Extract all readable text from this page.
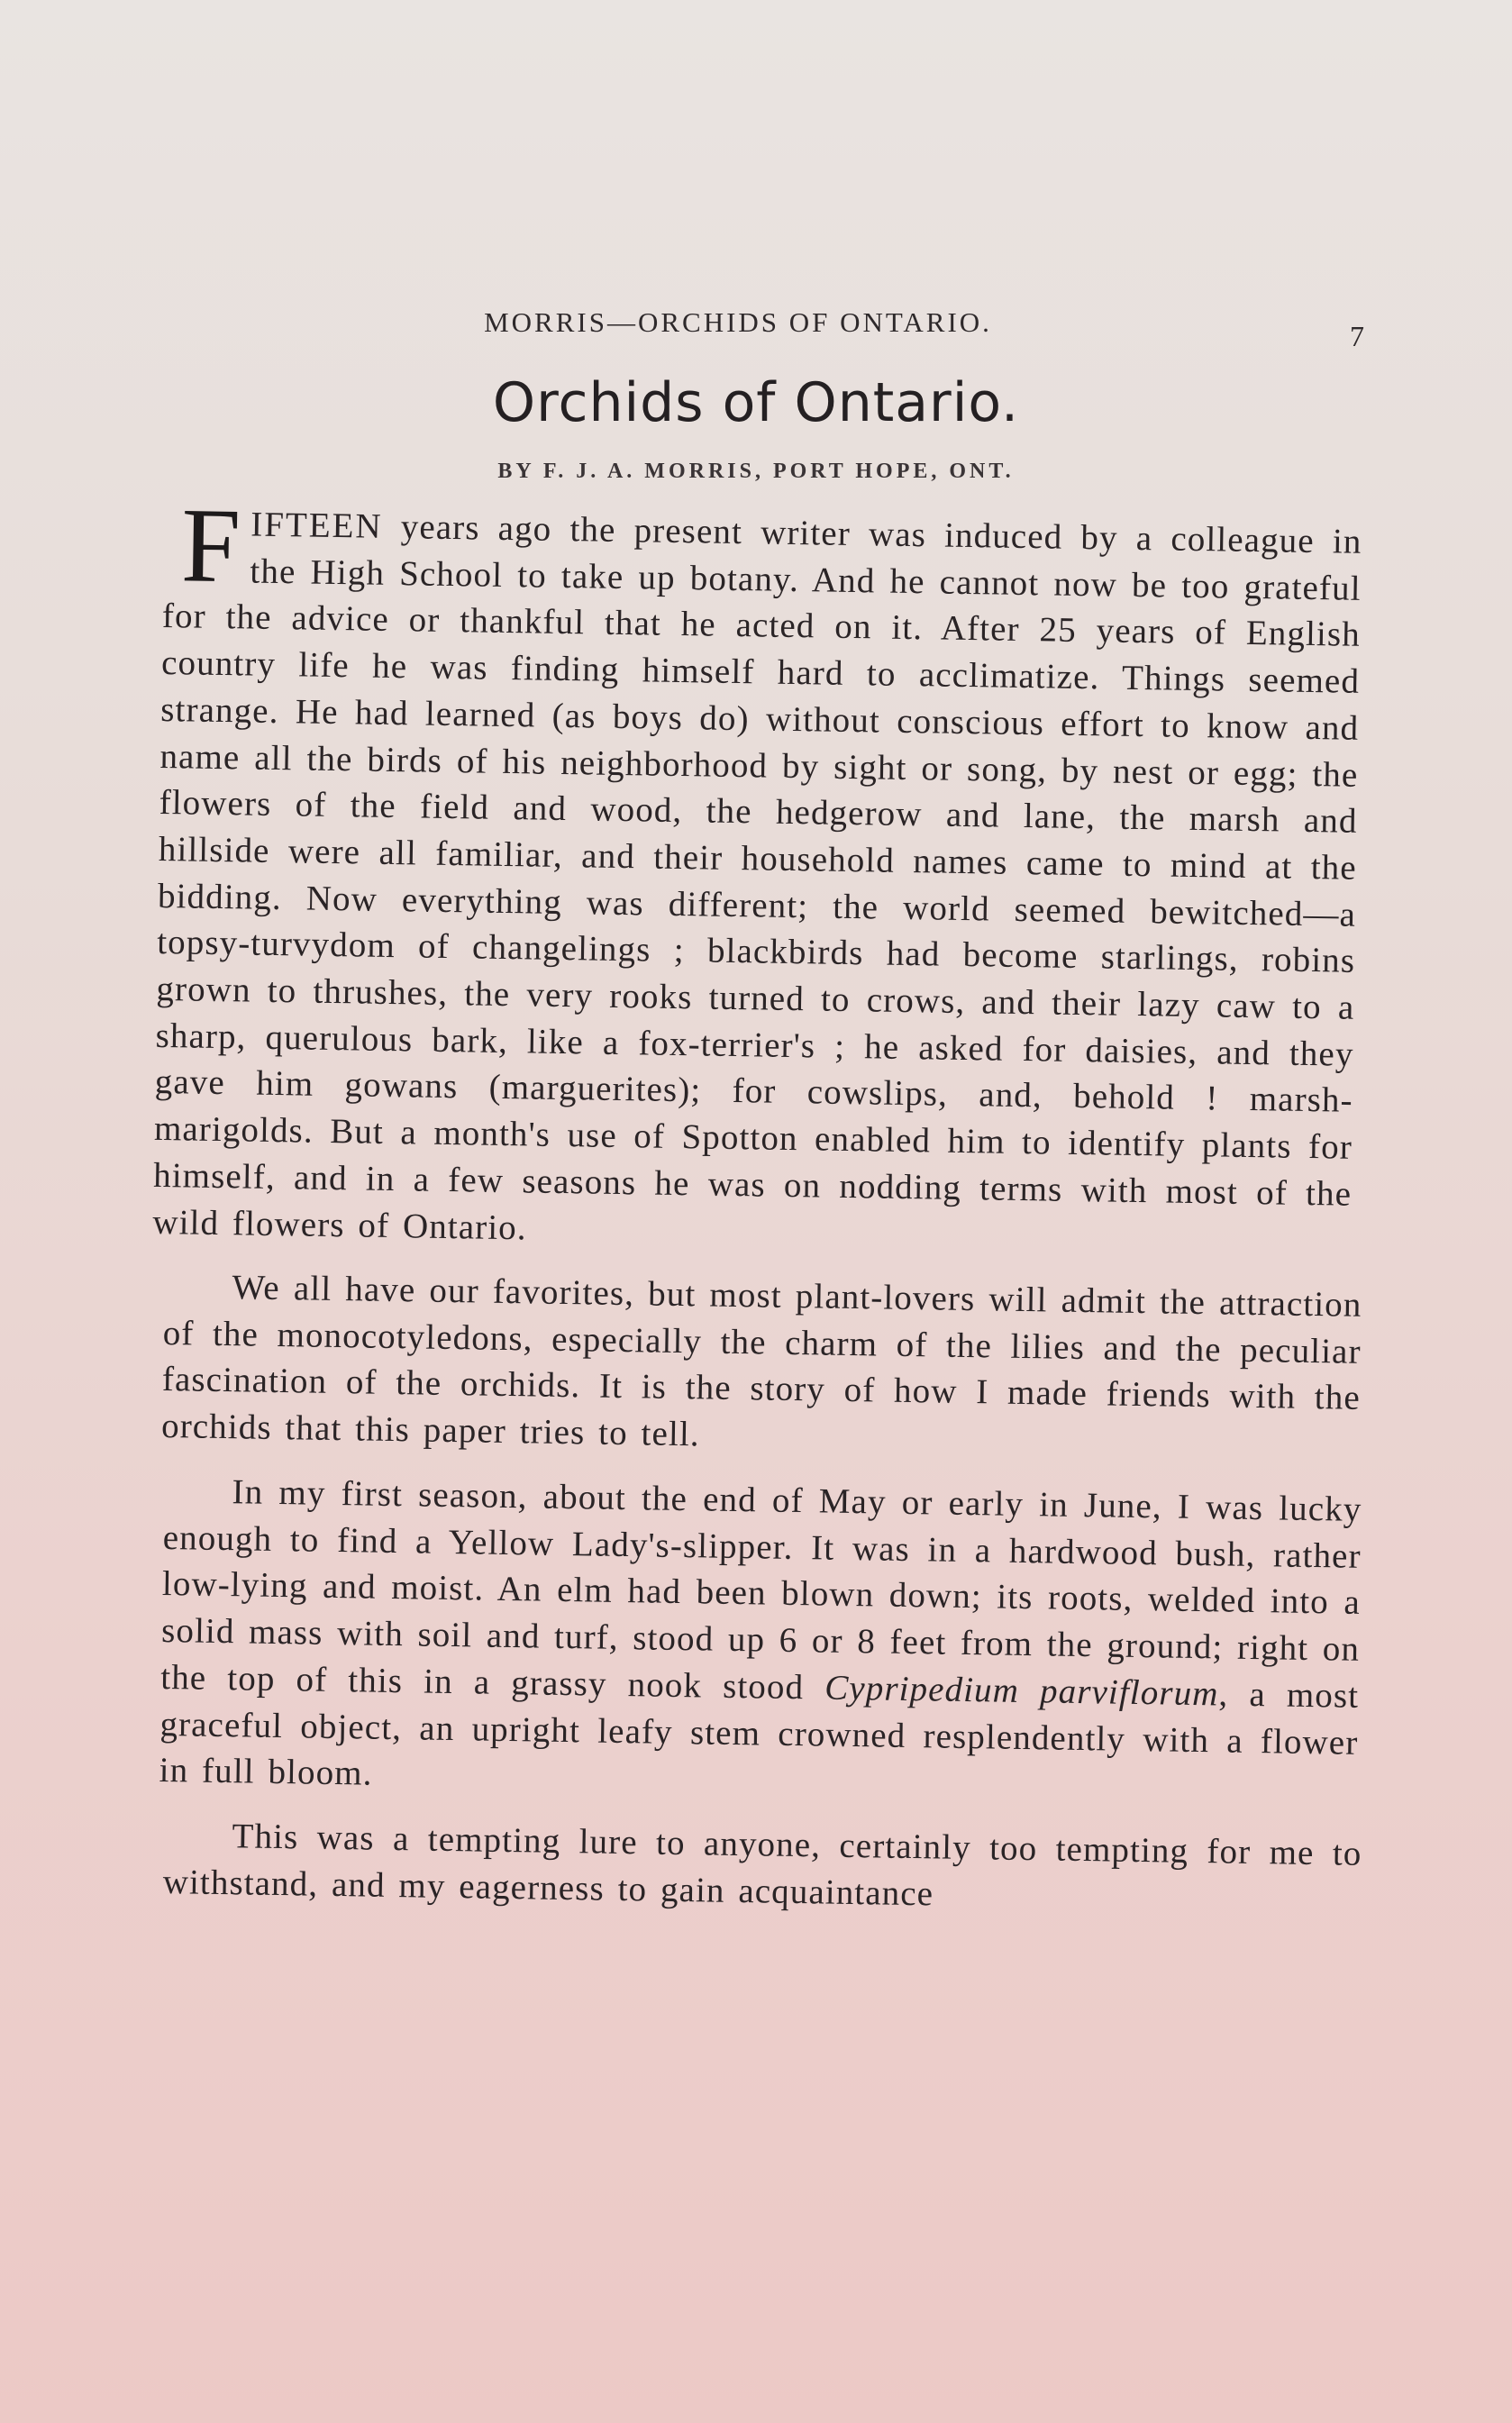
MORRIS—ORCHIDS OF ONTARIO.	7
Orchids of Ontario.
BY F. J. A. MORRIS, PORT HOPE, ONT.

FIFTEEN years ago the present writer was induced by a colleague in the High School to take up botany. And he cannot now be too grateful for the advice or thankful that he acted on it. After 25 years of English country life he was finding himself hard to acclimatize. Things seemed strange. He had learned (as boys do) without conscious effort to know and name all the birds of his neighborhood by sight or song, by nest or egg; the flowers of the field and wood, the hedgerow and lane, the marsh and hillside were all familiar, and their household names came to mind at the bidding. Now everything was different; the world seemed bewitched—a topsy-turvydom of changelings ; blackbirds had become starlings, robins grown to thrushes, the very rooks turned to crows, and their lazy caw to a sharp, querulous bark, like a fox-terrier's ; he asked for daisies, and they gave him gowans (marguerites); for cowslips, and, behold ! marsh-marigolds. But a month's use of Spotton enabled him to identify plants for himself, and in a few seasons he was on nodding terms with most of the wild flowers of Ontario.

We all have our favorites, but most plant-lovers will admit the attraction of the monocotyledons, especially the charm of the lilies and the peculiar fascination of the orchids. It is the story of how I made friends with the orchids that this paper tries to tell.

In my first season, about the end of May or early in June, I was lucky enough to find a Yellow Lady's-slipper. It was in a hardwood bush, rather low-lying and moist. An elm had been blown down; its roots, welded into a solid mass with soil and turf, stood up 6 or 8 feet from the ground; right on the top of this in a grassy nook stood Cypripedium parviflorum, a most graceful object, an upright leafy stem crowned resplendently with a flower in full bloom.

This was a tempting lure to anyone, certainly too tempting for me to withstand, and my eagerness to gain acquaintance
